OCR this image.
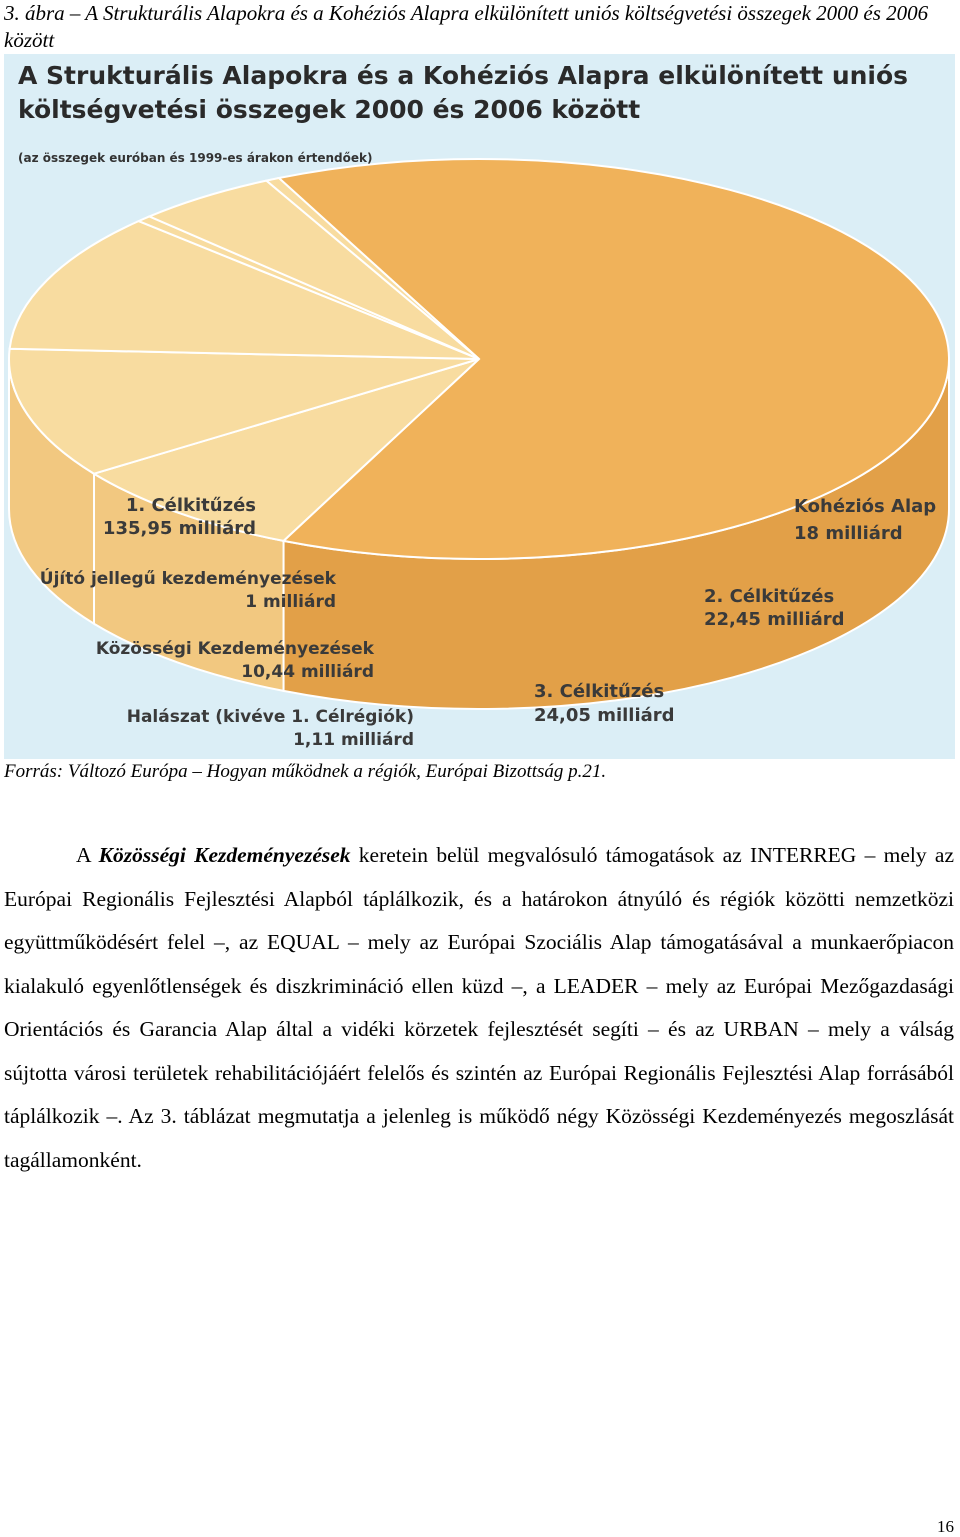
3. ábra – A Strukturális Alapokra és a Kohéziós Alapra elkülönített uniós költségvetési összegek 2000 és 2006 között
A Strukturális Alapokra és a Kohéziós Alapra elkülönített uniós
költségvetési összegek 2000 és 2006 között
(az összegek euróban és 1999-es árakon értendőek)
1. Célkitűzés
135,95 milliárd
Kohéziós Alap
18 milliárd
2. Célkitűzés
22,45 milliárd
3. Célkitűzés
24,05 milliárd
Halászat (kivéve 1. Célrégiók)
1,11 milliárd
Közösségi Kezdeményezések
10,44 milliárd
Újító jellegű kezdeményezések
1 milliárd
Forrás: Változó Európa – Hogyan működnek a régiók, Európai Bizottság p.21.

A Közösségi Kezdeményezések keretein belül megvalósuló támogatások az INTERREG – mely az Európai Regionális Fejlesztési Alapból táplálkozik, és a határokon átnyúló és régiók közötti nemzetközi együttműködésért felel –, az EQUAL – mely az Európai Szociális Alap támogatásával a munkaerőpiacon kialakuló egyenlőtlenségek és diszkrimináció ellen küzd –, a LEADER – mely az Európai Mezőgazdasági Orientációs és Garancia Alap által a vidéki körzetek fejlesztését segíti – és az URBAN – mely a válság sújtotta városi területek rehabilitációjáért felelős és szintén az Európai Regionális Fejlesztési Alap forrásából táplálkozik –. Az 3. táblázat megmutatja a jelenleg is működő négy Közösségi Kezdeményezés megoszlását tagállamonként.

16
